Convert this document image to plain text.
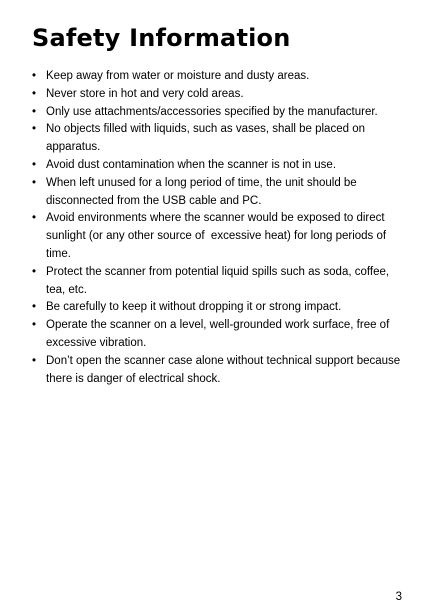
Safety Information
• Keep away from water or moisture and dusty areas.
• Never store in hot and very cold areas.
• Only use attachments/accessories specified by the manufacturer.
• No objects filled with liquids, such as vases, shall be placed on apparatus.
• Avoid dust contamination when the scanner is not in use.
• When left unused for a long period of time, the unit should be disconnected from the USB cable and PC.
• Avoid environments where the scanner would be exposed to direct sunlight (or any other source of  excessive heat) for long periods of time.
• Protect the scanner from potential liquid spills such as soda, coffee, tea, etc.
• Be carefully to keep it without dropping it or strong impact.
• Operate the scanner on a level, well-grounded work surface, free of excessive vibration.
• Don’t open the scanner case alone without technical support because there is danger of electrical shock.
3
